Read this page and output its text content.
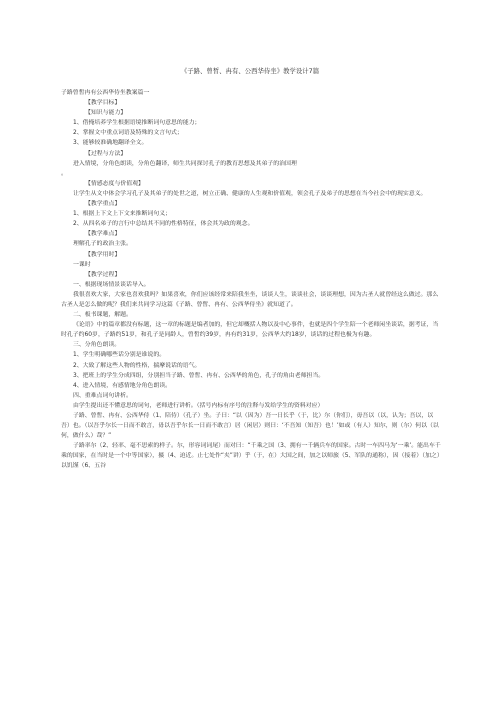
《子路、曾皙、冉有、公西华侍坐》教学设计7篇

子路曾皙冉有公西华侍坐教案篇一

【教学目标】

【知识与能力】

1、借掩培养学生根据语境推断词句意思的能力；

2、掌握文中重点词语及特殊的文言句式；

3、能够较准确地翻译全文。

【过程与方法】

进入情境，分角色朗读，分角色翻译，师生共同探讨孔子的教育思想及其弟子的治国理

。

【情感态度与价值观】

让学生从文中体会学习孔子及其弟子的处世之道，树立正确、健康的人生观和价值观，领会孔子及弟子的思想在当今社会中的现实意义。

【教学重点】

1、根据上下文上下文来推断词句义；

2、从四名弟子的言行中总结其不同的性格特征，体会其为政的观念。

【教学难点】

理解孔子的政治主张。

【教学用时】

一课时

【教学过程】

一、根据现场情景谈话导入。

我很喜欢大家，大家也喜欢我吗？如果喜欢，你们应该经常来陪我坐坐，谈谈人生，谈谈社会，谈谈理想，因为古圣人就曾经这么做过。那么古圣人是怎么做的呢？我们来共同学习这篇《子路、曾皙、冉有、公西华侍坐》就知道了。

二、板书课题，解题。

《论语》中的篇章都没有标题，这一章的标题是编者加的，但它却概括人物以及中心事件，也就是四个学生陪一个老师闲坐谈话，据考证，当时孔子约60岁，子路约51岁，和孔子是同龄人，曾皙约39岁，冉有约31岁，公西华大约18岁，谈话的过程也极为有趣。

三、分角色朗读。

1、学生明确哪些话分别是谁说的。

2、大致了解这些人物的性格，揣摩说话的语气。

3、把班上的学生分成四组，分别担当子路、曾皙、冉有、公西华的角色，孔子的角由老师担当。

4、进入情境，有感情地分角色朗读。

四、重难点词句讲析。

由学生提出还不懂意思的词句，老师进行讲析。（括号内标有序号的注释与发给学生的资料对应）

子路、曾皙、冉有、公西华侍（1、陪侍）（孔子）坐。子曰：“以（因为）吾一日长乎（于，比）尔（你们），毋吾以（以，认为；吾以，以吾）也。（以吾乎尔长一日而不敢言，毋以吾乎尔长一日而不敢言）居（闲居）则曰：‘不吾知（知吾）也！’如或（有人）知尔，则（尔）何以（以何，做什么）哉？”

子路率尔（2、轻率、毫不思索的样子。尔，形容词词尾）而对曰：“千乘之国（3、拥有一千辆兵车的国家。古时一车四马为‘一乘’。能出车千乘的国家，在当时是一个中等国家），摄（4、迫近。止七处作“夹”讲）乎（于，在）大国之间，加之以师旅（5、军队的通称），因（接着）（加之）以饥馑（6、五谷
